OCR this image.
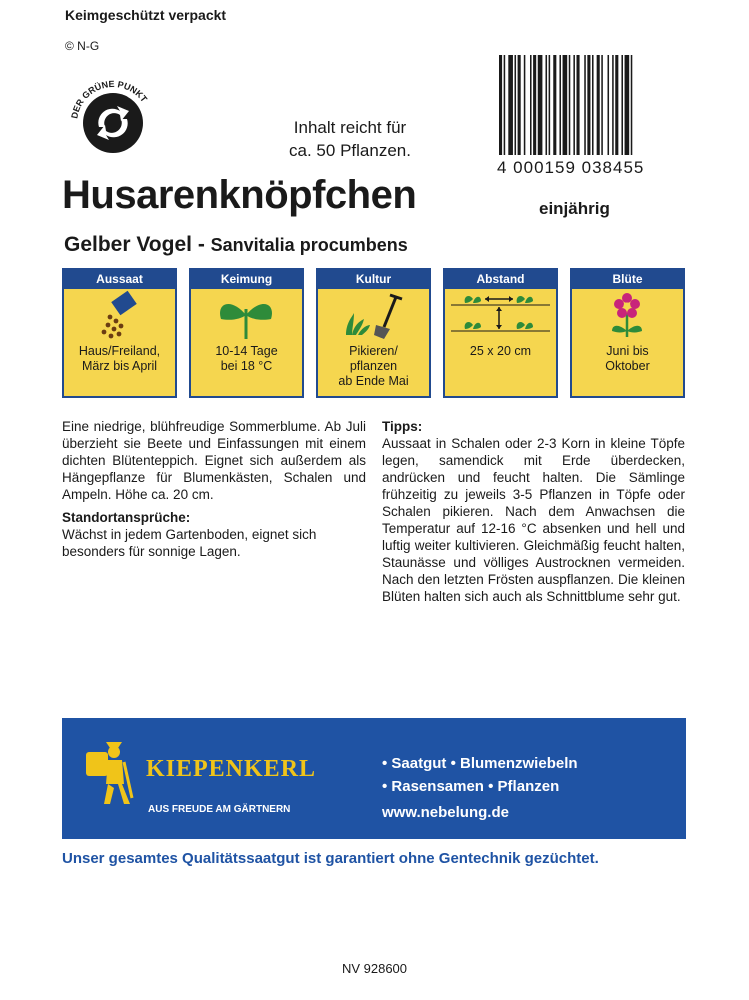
Keimgeschützt verpackt
© N-G
DER GRÜNE PUNKT
Inhalt reicht für
ca. 50 Pflanzen.
4 000159 038455
Husarenknöpfchen	einjährig
Gelber Vogel - Sanvitalia procumbens
Aussaat
Haus/Freiland,
März bis April
Keimung
10-14 Tage
bei 18 °C
Kultur
Pikieren/
pflanzen
ab Ende Mai
Abstand
25 x 20 cm
Blüte
Juni bis
Oktober

Eine niedrige, blühfreudige Sommerblume. Ab Juli überzieht sie Beete und Einfassungen mit einem dichten Blütenteppich. Eignet sich außerdem als Hängepflanze für Blumenkästen, Schalen und Ampeln. Höhe ca. 20 cm.

Standortansprüche:

Wächst in jedem Gartenboden, eignet sich besonders für sonnige Lagen.

Tipps:

Aussaat in Schalen oder 2-3 Korn in kleine Töpfe legen, samendick mit Erde überdecken, andrücken und feucht halten. Die Sämlinge frühzeitig zu jeweils 3-5 Pflanzen in Töpfe oder Schalen pikieren. Nach dem Anwachsen die Temperatur auf 12-16 °C absenken und hell und luftig weiter kultivieren. Gleichmäßig feucht halten, Staunässe und völliges Austrocknen vermeiden. Nach den letzten Frösten auspflanzen. Die kleinen Blüten halten sich auch als Schnittblume sehr gut.

KIEPENKERL
AUS FREUDE AM GÄRTNERN
• Saatgut • Blumenzwiebeln
• Rasensamen • Pflanzen
www.nebelung.de
Unser gesamtes Qualitätssaatgut ist garantiert ohne Gentechnik gezüchtet.
NV 928600
